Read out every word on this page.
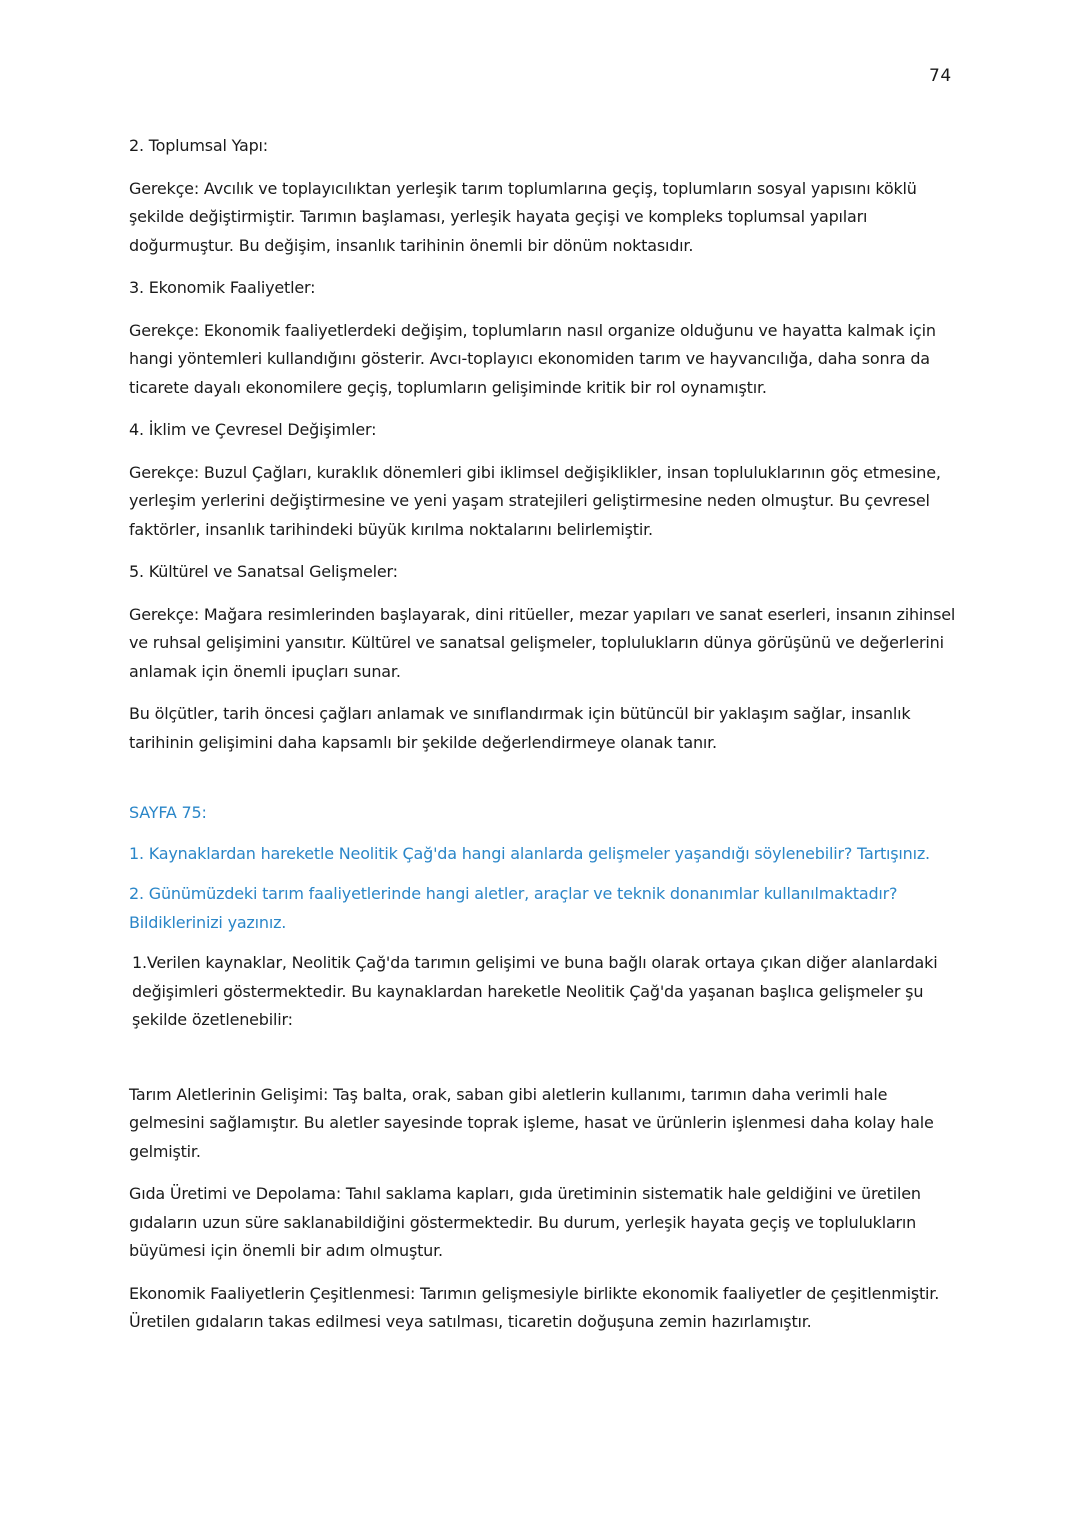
74

2. Toplumsal Yapı:

Gerekçe: Avcılık ve toplayıcılıktan yerleşik tarım toplumlarına geçiş, toplumların sosyal yapısını köklü şekilde değiştirmiştir. Tarımın başlaması, yerleşik hayata geçişi ve kompleks toplumsal yapıları doğurmuştur. Bu değişim, insanlık tarihinin önemli bir dönüm noktasıdır.

3. Ekonomik Faaliyetler:

Gerekçe: Ekonomik faaliyetlerdeki değişim, toplumların nasıl organize olduğunu ve hayatta kalmak için hangi yöntemleri kullandığını gösterir. Avcı-toplayıcı ekonomiden tarım ve hayvancılığa, daha sonra da ticarete dayalı ekonomilere geçiş, toplumların gelişiminde kritik bir rol oynamıştır.

4. İklim ve Çevresel Değişimler:

Gerekçe: Buzul Çağları, kuraklık dönemleri gibi iklimsel değişiklikler, insan topluluklarının göç etmesine, yerleşim yerlerini değiştirmesine ve yeni yaşam stratejileri geliştirmesine neden olmuştur. Bu çevresel faktörler, insanlık tarihindeki büyük kırılma noktalarını belirlemiştir.

5. Kültürel ve Sanatsal Gelişmeler:

Gerekçe: Mağara resimlerinden başlayarak, dini ritüeller, mezar yapıları ve sanat eserleri, insanın zihinsel ve ruhsal gelişimini yansıtır. Kültürel ve sanatsal gelişmeler, toplulukların dünya görüşünü ve değerlerini anlamak için önemli ipuçları sunar.

Bu ölçütler, tarih öncesi çağları anlamak ve sınıflandırmak için bütüncül bir yaklaşım sağlar, insanlık tarihinin gelişimini daha kapsamlı bir şekilde değerlendirmeye olanak tanır.

SAYFA 75:

1. Kaynaklardan hareketle Neolitik Çağ'da hangi alanlarda gelişmeler yaşandığı söylenebilir? Tartışınız.

2. Günümüzdeki tarım faaliyetlerinde hangi aletler, araçlar ve teknik donanımlar kullanılmaktadır? Bildiklerinizi yazınız.

1.Verilen kaynaklar, Neolitik Çağ'da tarımın gelişimi ve buna bağlı olarak ortaya çıkan diğer alanlardaki değişimleri göstermektedir. Bu kaynaklardan hareketle Neolitik Çağ'da yaşanan başlıca gelişmeler şu şekilde özetlenebilir:

Tarım Aletlerinin Gelişimi: Taş balta, orak, saban gibi aletlerin kullanımı, tarımın daha verimli hale gelmesini sağlamıştır. Bu aletler sayesinde toprak işleme, hasat ve ürünlerin işlenmesi daha kolay hale gelmiştir.

Gıda Üretimi ve Depolama: Tahıl saklama kapları, gıda üretiminin sistematik hale geldiğini ve üretilen gıdaların uzun süre saklanabildiğini göstermektedir. Bu durum, yerleşik hayata geçiş ve toplulukların büyümesi için önemli bir adım olmuştur.

Ekonomik Faaliyetlerin Çeşitlenmesi: Tarımın gelişmesiyle birlikte ekonomik faaliyetler de çeşitlenmiştir. Üretilen gıdaların takas edilmesi veya satılması, ticaretin doğuşuna zemin hazırlamıştır.
